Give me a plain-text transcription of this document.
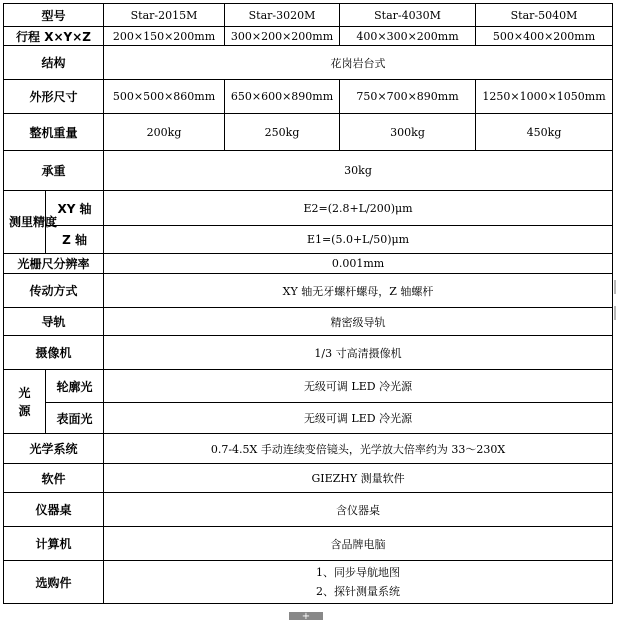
型号		Star-2015M	Star-3020M	Star-4030M	Star-5040M
行程 X×Y×Z		200×150×200mm	300×200×200mm	400×300×200mm	500×400×200mm
结构		花岗岩台式			
外形尺寸		500×500×860mm	650×600×890mm	750×700×890mm	1250×1000×1050mm
整机重量		200kg	250kg	300kg	450kg
承重		30kg			
测里精度	XY 轴	E2=(2.8+L/200)μm			
	Z 轴	E1=(5.0+L/50)μm			
光栅尺分辨率		0.001mm			
传动方式		XY 轴无牙螺杆螺母，Z 轴螺杆			
导轨		精密级导轨			
摄像机		1/3 寸高清摄像机			
光
源	轮廓光	无级可调 LED 冷光源			
	表面光	无级可调 LED 冷光源			
光学系统		0.7-4.5X 手动连续变倍镜头，光学放大倍率约为 33～230X			
软件		GIEZHY 测量软件			
仪器桌		含仪器桌			
计算机		含品牌电脑			
选购件		1、同步导航地图
2、探针测量系统			
+
